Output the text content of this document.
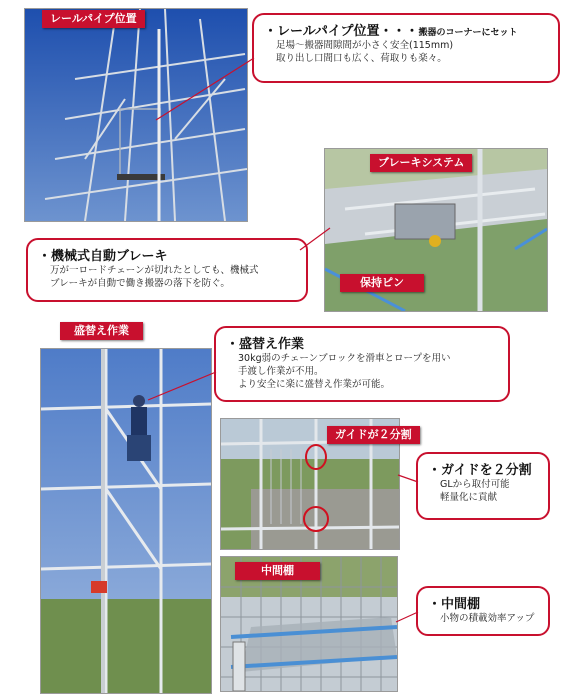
レールパイプ位置
・レールパイプ位置・・・搬器のコーナーにセット
足場～搬器間隙間が小さく安全(115mm)
取り出し口間口も広く、荷取りも楽々。
ブレーキシステム
保持ピン
・機械式自動ブレーキ
万が一ロードチェーンが切れたとしても、機械式
ブレーキが自動で働き搬器の落下を防ぐ。
盛替え作業
・盛替え作業
30kg弱のチェーンブロックを滑車とロープを用い
手渡し作業が不用。
より安全に楽に盛替え作業が可能。
ガイドが２分割
・ガイドを２分割
GLから取付可能
軽量化に貢献
中間棚
・中間棚
小物の積載効率アップ
